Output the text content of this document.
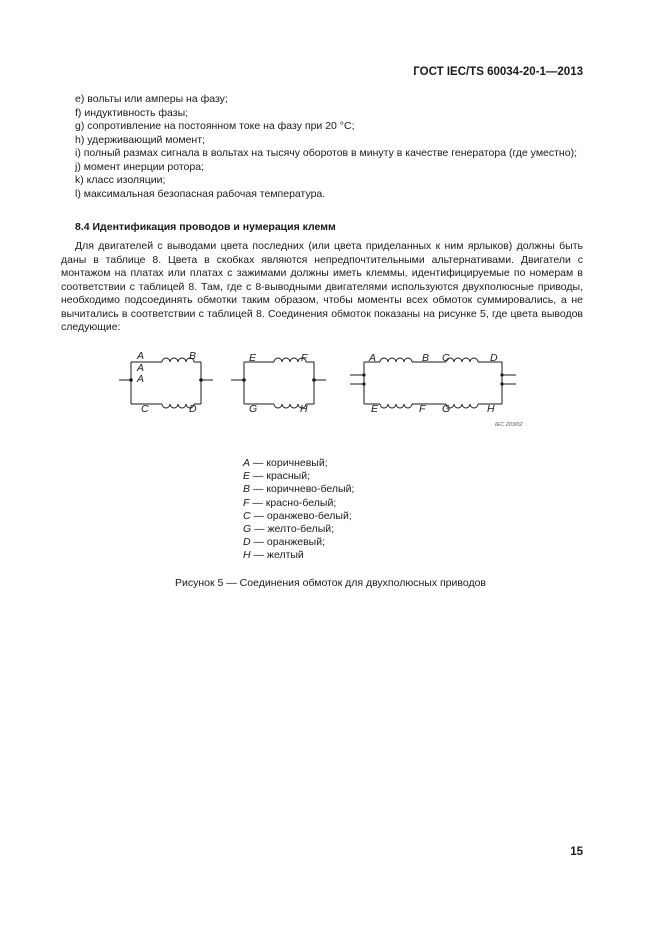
ГОСТ IEC/TS 60034-20-1—2013
e) вольты или амперы на фазу;
f) индуктивность фазы;
g) сопротивление на постоянном токе на фазу при 20 °С;
h) удерживающий момент;
i) полный размах сигнала в вольтах на тысячу оборотов в минуту в качестве генератора (где уместно);
j) момент инерции ротора;
k) класс изоляции;
l) максимальная безопасная рабочая температура.
8.4 Идентификация проводов и нумерация клемм
Для двигателей с выводами цвета последних (или цвета приделанных к ним ярлыков) должны быть даны в таблице 8. Цвета в скобках являются непредпочтительными альтернативами. Двигатели с монтажом на платах или платах с зажимами должны иметь клеммы, идентифицируемые по номерам в соответствии с таблицей 8. Там, где с 8-выводными двигателями используются двухполюсные приводы, необходимо подсоединять обмотки таким образом, чтобы моменты всех обмоток суммировались, а не вычитались в соответствии с таблицей 8. Соединения обмоток показаны на рисунке 5, где цвета выводов следующие:
A	B
A
A
C	D
E	F
G	H
A	B C	D
E	F G	H
IEC 203/02
A — коричневый;
E — красный;
B — коричнево-белый;
F — красно-белый;
C — оранжево-белый;
G — желто-белый;
D — оранжевый;
H — желтый
Рисунок 5 — Соединения обмоток для двухполюсных приводов
15
